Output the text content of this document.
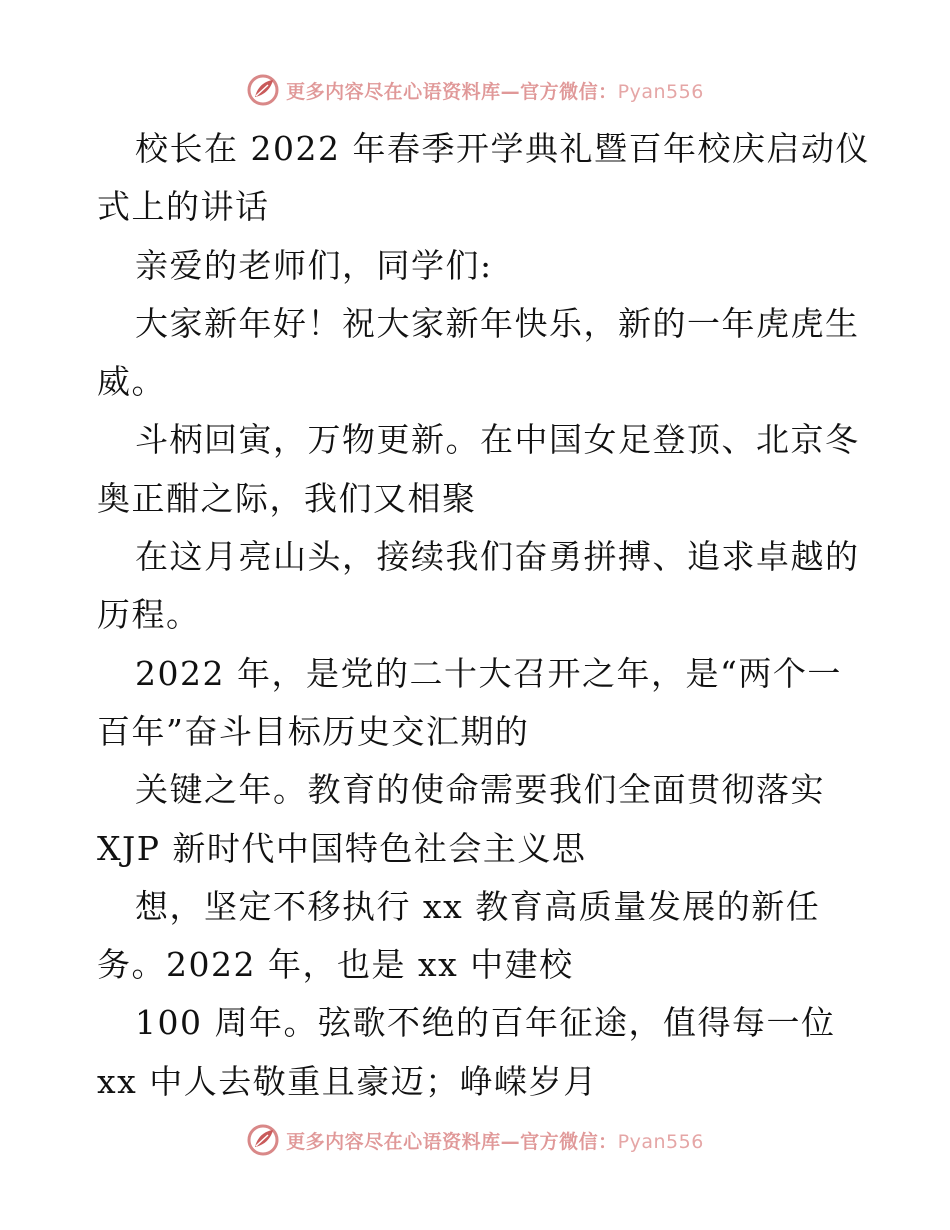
更多内容尽在心语资料库—官方微信：Pyan556
校长在 2022 年春季开学典礼暨百年校庆启动仪
式上的讲话
亲爱的老师们，同学们:
大家新年好！祝大家新年快乐，新的一年虎虎生
威。
斗柄回寅，万物更新。在中国女足登顶、北京冬
奥正酣之际，我们又相聚
在这月亮山头，接续我们奋勇拼搏、追求卓越的
历程。
2022 年，是党的二十大召开之年，是“两个一
百年”奋斗目标历史交汇期的
关键之年。教育的使命需要我们全面贯彻落实
XJP 新时代中国特色社会主义思
想，坚定不移执行 xx 教育高质量发展的新任
务。2022 年，也是 xx 中建校
100 周年。弦歌不绝的百年征途，值得每一位
xx 中人去敬重且豪迈；峥嵘岁月
更多内容尽在心语资料库—官方微信：Pyan556
